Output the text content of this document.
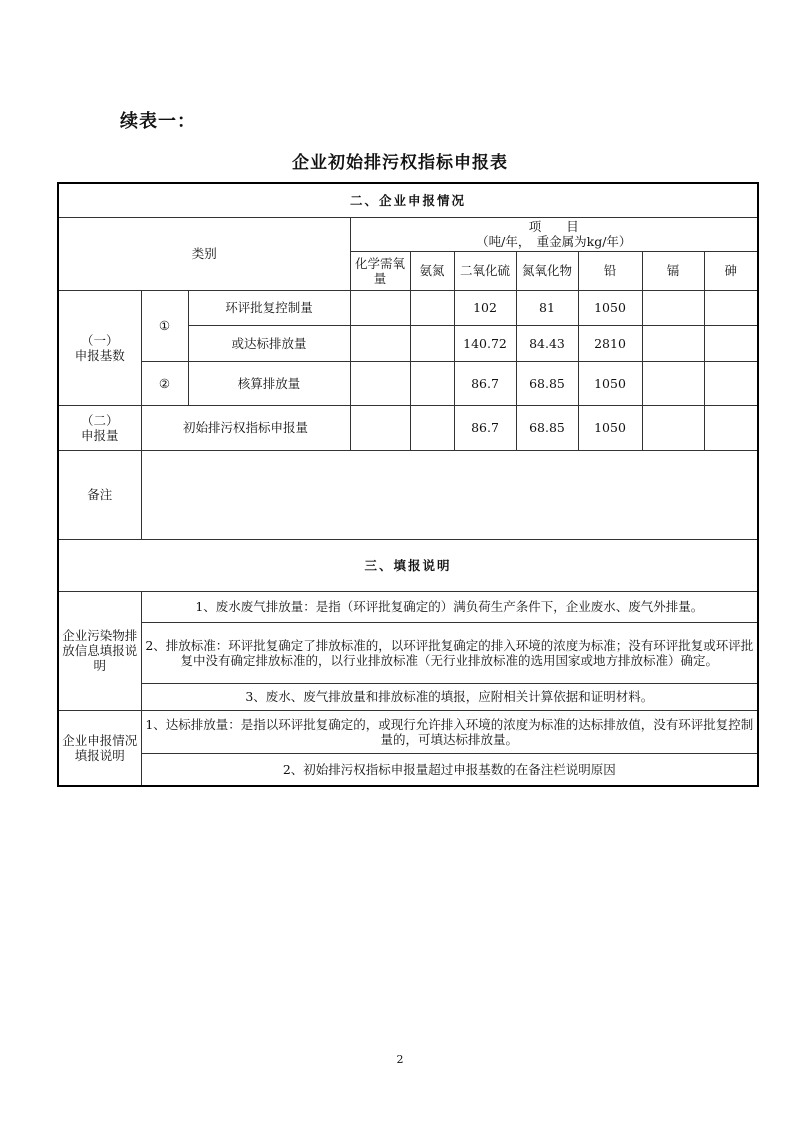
续表一：
企业初始排污权指标申报表
二、企业申报情况									
类别			项　　目
（吨/年，　重金属为kg/年）						

			化学需氧量	氨氮	二氧化硫	氮氧化物	铅	镉	砷

（一）
申报基数	①	环评批复控制量			102	81	1050		
		或达标排放量			140.72	84.43	2810		
	②	核算排放量			86.7	68.85	1050		

（二）
申报量	初始排污权指标申报量				86.7	68.85	1050		
备注									
三、填报说明									
企业污染物排放信息填报说明	1、废水废气排放量：是指（环评批复确定的）满负荷生产条件下，企业废水、废气外排量。								
	2、排放标准：环评批复确定了排放标准的，以环评批复确定的排入环境的浓度为标准；没有环评批复或环评批复中没有确定排放标准的，以行业排放标准（无行业排放标准的选用国家或地方排放标准）确定。								
	3、废水、废气排放量和排放标准的填报，应附相关计算依据和证明材料。								
企业申报情况填报说明	1、达标排放量：是指以环评批复确定的，或现行允许排入环境的浓度为标准的达标排放值，没有环评批复控制量的，可填达标排放量。								
	2、初始排污权指标申报量超过申报基数的在备注栏说明原因								
2
